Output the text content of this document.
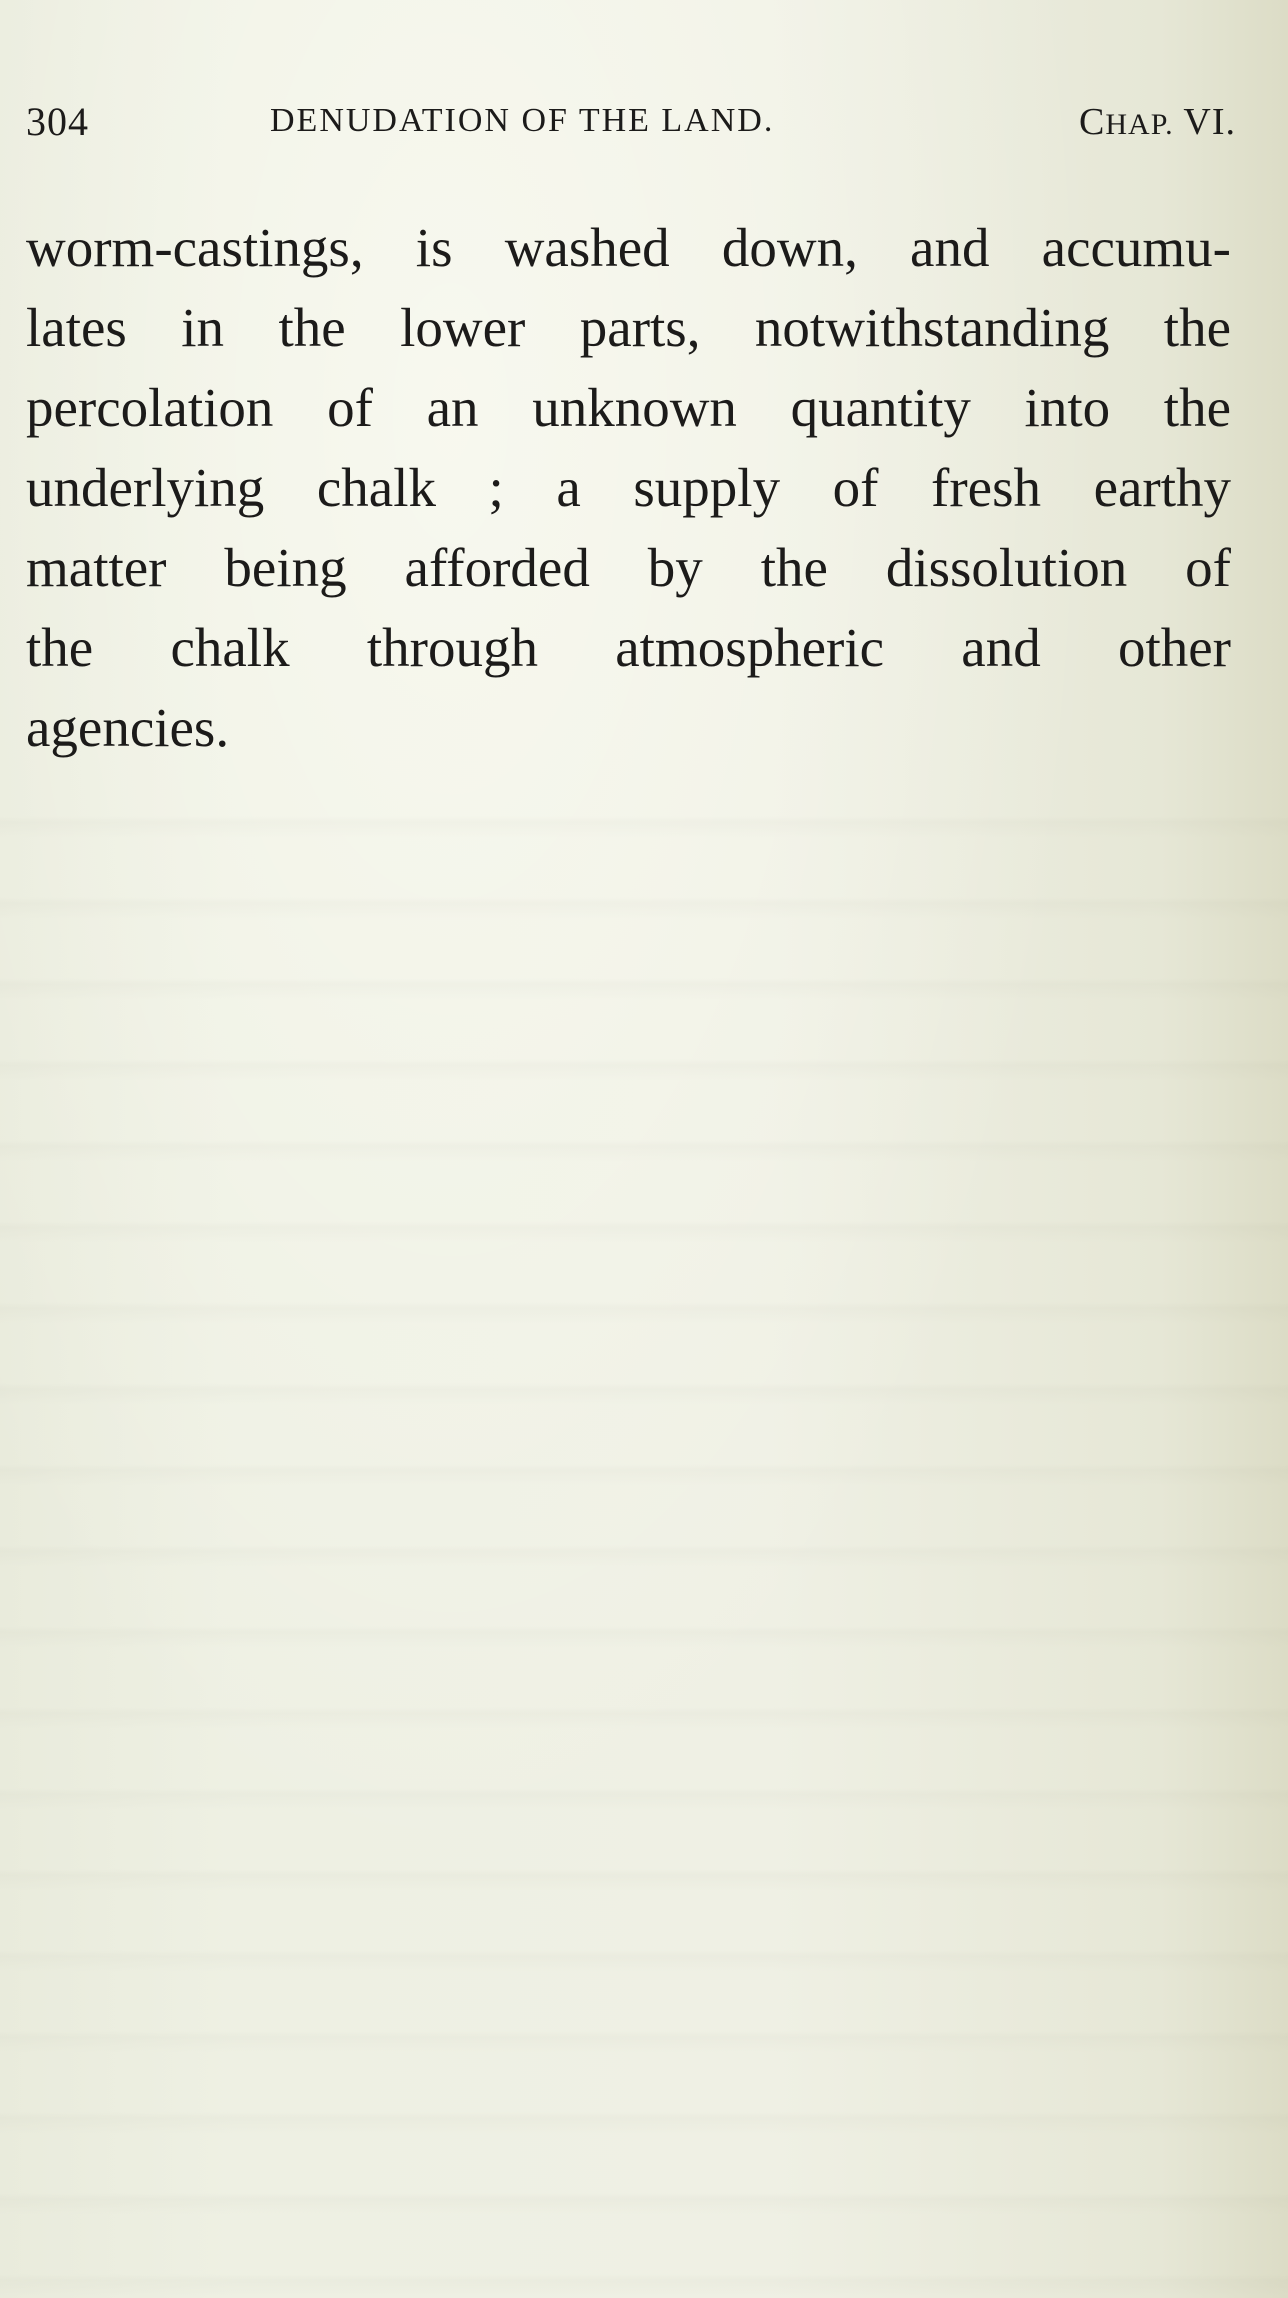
304	DENUDATION OF THE LAND.	CHAP. VI.
worm-castings, is washed down, and accumu-
lates in the lower parts, notwithstanding the
percolation of an unknown quantity into the
underlying chalk ; a supply of fresh earthy
matter being afforded by the dissolution of
the chalk through atmospheric and other
agencies.
